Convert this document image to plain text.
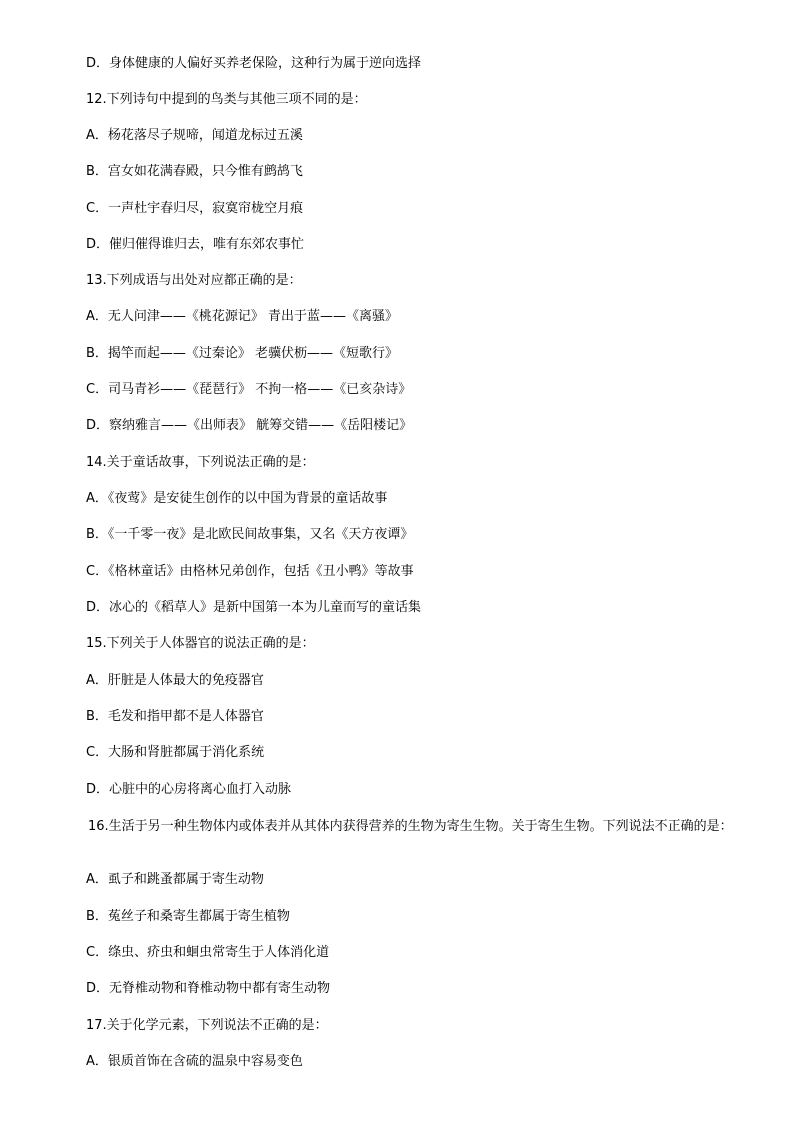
D．身体健康的人偏好买养老保险，这种行为属于逆向选择
12.下列诗句中提到的鸟类与其他三项不同的是：
A．杨花落尽子规啼，闻道龙标过五溪
B．宫女如花满春殿，只今惟有鹧鸪飞
C．一声杜宇春归尽，寂寞帘栊空月痕
D．催归催得谁归去，唯有东郊农事忙
13.下列成语与出处对应都正确的是：
A．无人问津——《桃花源记》 青出于蓝——《离骚》
B．揭竿而起——《过秦论》 老骥伏枥——《短歌行》
C．司马青衫——《琵琶行》 不拘一格——《已亥杂诗》
D．察纳雅言——《出师表》 觥筹交错——《岳阳楼记》
14.关于童话故事，下列说法正确的是：
A．《夜莺》是安徒生创作的以中国为背景的童话故事
B．《一千零一夜》是北欧民间故事集，又名《天方夜谭》
C．《格林童话》由格林兄弟创作，包括《丑小鸭》等故事
D．冰心的《稻草人》是新中国第一本为儿童而写的童话集
15.下列关于人体器官的说法正确的是：
A．肝脏是人体最大的免疫器官
B．毛发和指甲都不是人体器官
C．大肠和肾脏都属于消化系统
D．心脏中的心房将离心血打入动脉
16.生活于另一种生物体内或体表并从其体内获得营养的生物为寄生生物。关于寄生生物。下列说法不正确的是：
A．虱子和跳蚤都属于寄生动物
B．菟丝子和桑寄生都属于寄生植物
C．绦虫、疥虫和蛔虫常寄生于人体消化道
D．无脊椎动物和脊椎动物中都有寄生动物
17.关于化学元素，下列说法不正确的是：
A．银质首饰在含硫的温泉中容易变色
